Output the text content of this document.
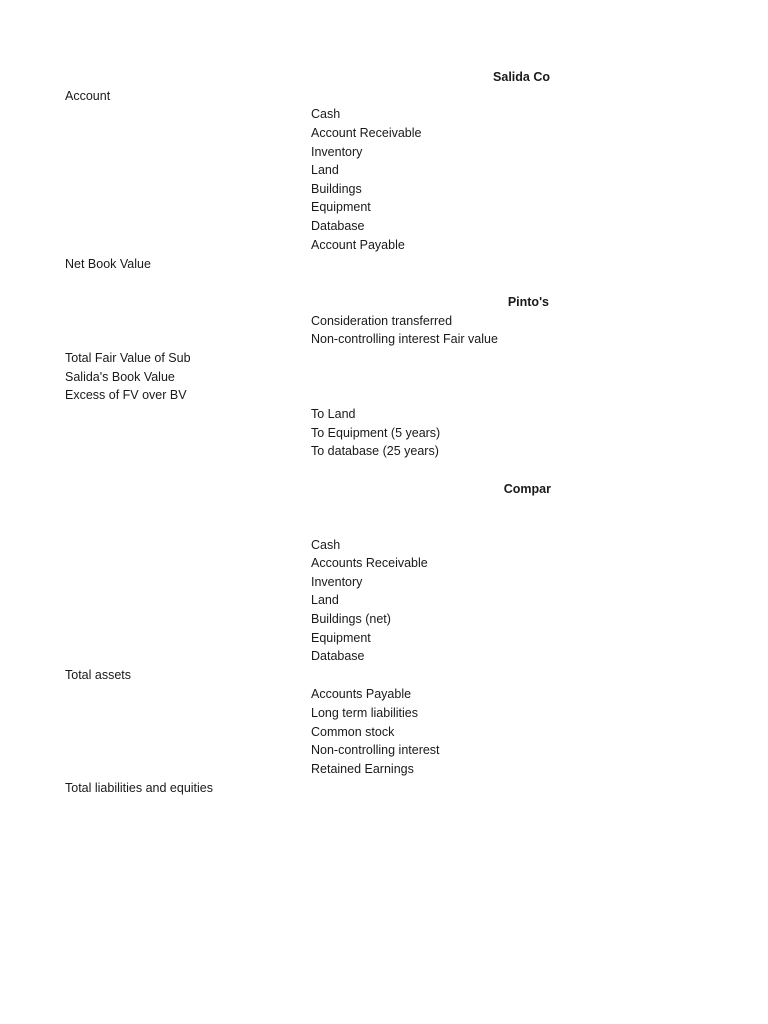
Salida Co
Account
Cash
Account Receivable
Inventory
Land
Buildings
Equipment
Database
Account Payable
Net Book Value
Pinto's
Consideration transferred
Non-controlling interest Fair value
Total Fair Value of Sub
Salida's Book Value
Excess of FV over BV
To Land
To Equipment (5 years)
To database (25 years)
Compar
Cash
Accounts Receivable
Inventory
Land
Buildings (net)
Equipment
Database
Total assets
Accounts Payable
Long term liabilities
Common stock
Non-controlling interest
Retained Earnings
Total liabilities and equities
